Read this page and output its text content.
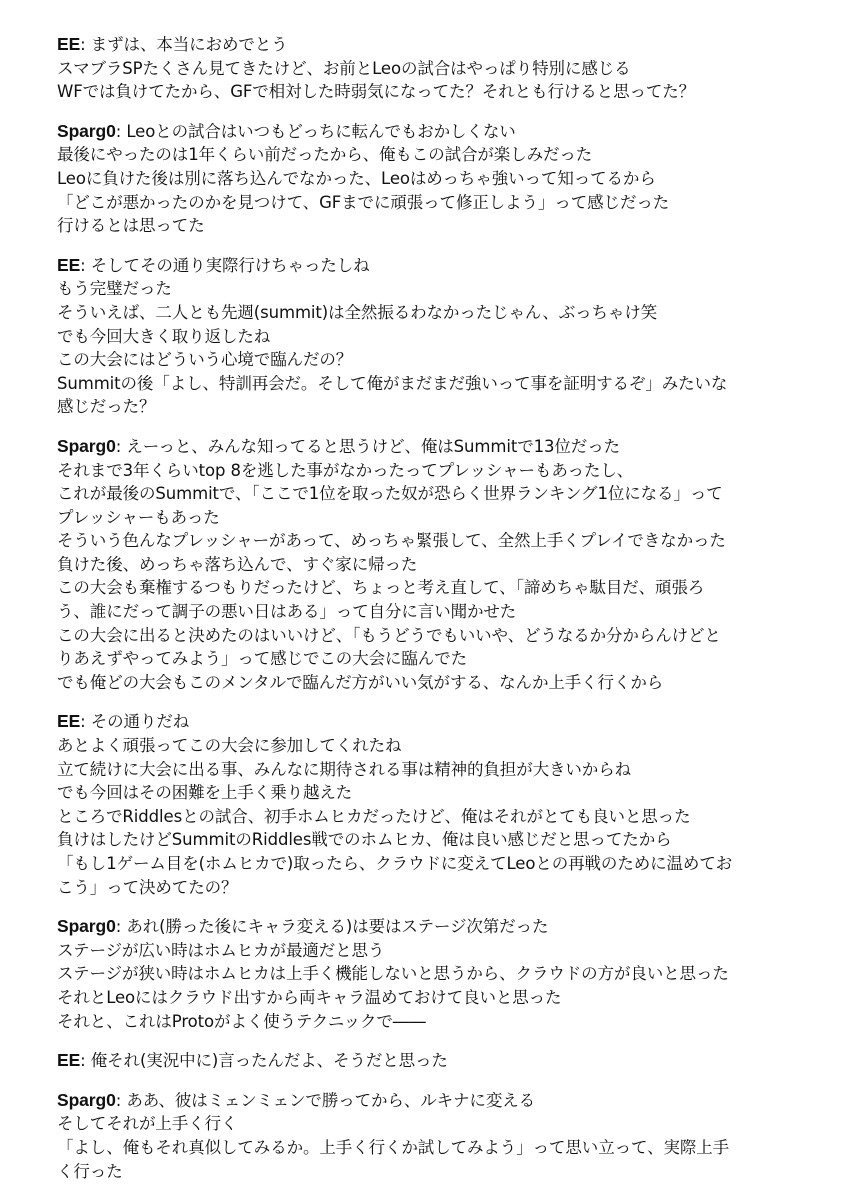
EE: まずは、本当におめでとう
スマブラSPたくさん見てきたけど、お前とLeoの試合はやっぱり特別に感じる
WFでは負けてたから、GFで相対した時弱気になってた？それとも行けると思ってた？
Sparg0: Leoとの試合はいつもどっちに転んでもおかしくない
最後にやったのは1年くらい前だったから、俺もこの試合が楽しみだった
Leoに負けた後は別に落ち込んでなかった、Leoはめっちゃ強いって知ってるから
「どこが悪かったのかを見つけて、GFまでに頑張って修正しよう」って感じだった
行けるとは思ってた
EE: そしてその通り実際行けちゃったしね
もう完璧だった
そういえば、二人とも先週(summit)は全然振るわなかったじゃん、ぶっちゃけ笑
でも今回大きく取り返したね
この大会にはどういう心境で臨んだの？
Summitの後「よし、特訓再会だ。そして俺がまだまだ強いって事を証明するぞ」みたいな
感じだった？
Sparg0: えーっと、みんな知ってると思うけど、俺はSummitで13位だった
それまで3年くらいtop 8を逃した事がなかったってプレッシャーもあったし、
これが最後のSummitで、「ここで1位を取った奴が恐らく世界ランキング1位になる」って
プレッシャーもあった
そういう色んなプレッシャーがあって、めっちゃ緊張して、全然上手くプレイできなかった
負けた後、めっちゃ落ち込んで、すぐ家に帰った
この大会も棄権するつもりだったけど、ちょっと考え直して、「諦めちゃ駄目だ、頑張ろ
う、誰にだって調子の悪い日はある」って自分に言い聞かせた
この大会に出ると決めたのはいいけど、「もうどうでもいいや、どうなるか分からんけどと
りあえずやってみよう」って感じでこの大会に臨んでた
でも俺どの大会もこのメンタルで臨んだ方がいい気がする、なんか上手く行くから
EE: その通りだね
あとよく頑張ってこの大会に参加してくれたね
立て続けに大会に出る事、みんなに期待される事は精神的負担が大きいからね
でも今回はその困難を上手く乗り越えた
ところでRiddlesとの試合、初手ホムヒカだったけど、俺はそれがとても良いと思った
負けはしたけどSummitのRiddles戦でのホムヒカ、俺は良い感じだと思ってたから
「もし1ゲーム目を(ホムヒカで)取ったら、クラウドに変えてLeoとの再戦のために温めてお
こう」って決めてたの？
Sparg0: あれ(勝った後にキャラ変える)は要はステージ次第だった
ステージが広い時はホムヒカが最適だと思う
ステージが狭い時はホムヒカは上手く機能しないと思うから、クラウドの方が良いと思った
それとLeoにはクラウド出すから両キャラ温めておけて良いと思った
それと、これはProtoがよく使うテクニックで――
EE: 俺それ(実況中に)言ったんだよ、そうだと思った
Sparg0: ああ、彼はミェンミェンで勝ってから、ルキナに変える
そしてそれが上手く行く
「よし、俺もそれ真似してみるか。上手く行くか試してみよう」って思い立って、実際上手
く行った
